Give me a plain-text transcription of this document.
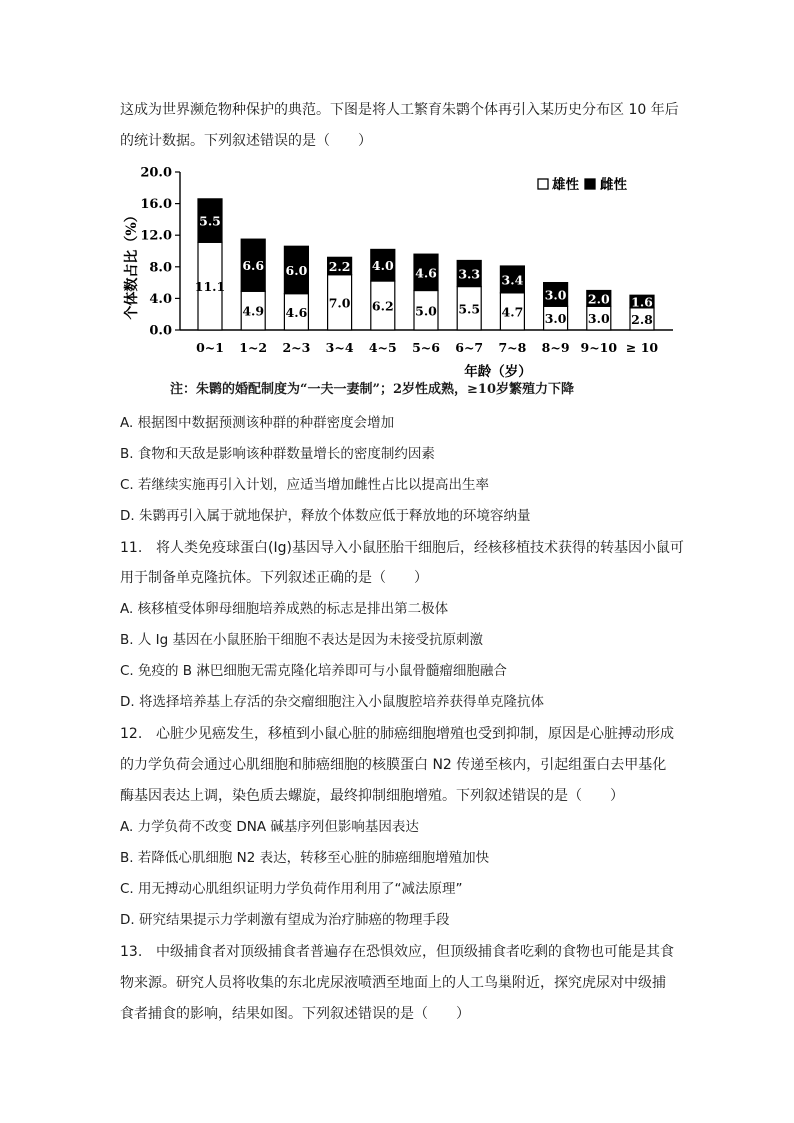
这成为世界濒危物种保护的典范。下图是将人工繁育朱鹮个体再引入某历史分布区 10 年后
的统计数据。下列叙述错误的是（　　）
0.0
4.0
8.0
12.0
16.0
20.0
个体数占比（%）	11.1
5.5
0~1
4.9
6.6
1~2
4.6
6.0
2~3
7.0
2.2
3~4
6.2
4.0
4~5
5.0
4.6
5~6
5.5
3.3
6~7
4.7
3.4
7~8
3.0
3.0
8~9
3.0
2.0
9~10
2.8
1.6
≥ 10
年龄（岁）
雄性 雌性
注：朱鹮的婚配制度为“一夫一妻制”；2岁性成熟，≥10岁繁殖力下降
A. 根据图中数据预测该种群的种群密度会增加
B. 食物和天敌是影响该种群数量增长的密度制约因素
C. 若继续实施再引入计划，应适当增加雌性占比以提高出生率
D. 朱鹮再引入属于就地保护，释放个体数应低于释放地的环境容纳量
11. 将人类免疫球蛋白(Ig)基因导入小鼠胚胎干细胞后，经核移植技术获得的转基因小鼠可
用于制备单克隆抗体。下列叙述正确的是（　　）
A. 核移植受体卵母细胞培养成熟的标志是排出第二极体
B. 人 Ig 基因在小鼠胚胎干细胞不表达是因为未接受抗原刺激
C. 免疫的 B 淋巴细胞无需克隆化培养即可与小鼠骨髓瘤细胞融合
D. 将选择培养基上存活的杂交瘤细胞注入小鼠腹腔培养获得单克隆抗体
12. 心脏少见癌发生，移植到小鼠心脏的肺癌细胞增殖也受到抑制，原因是心脏搏动形成
的力学负荷会通过心肌细胞和肺癌细胞的核膜蛋白 N2 传递至核内，引起组蛋白去甲基化
酶基因表达上调，染色质去螺旋，最终抑制细胞增殖。下列叙述错误的是（　　）
A. 力学负荷不改变 DNA 碱基序列但影响基因表达
B. 若降低心肌细胞 N2 表达，转移至心脏的肺癌细胞增殖加快
C. 用无搏动心肌组织证明力学负荷作用利用了“减法原理”
D. 研究结果提示力学刺激有望成为治疗肺癌的物理手段
13. 中级捕食者对顶级捕食者普遍存在恐惧效应，但顶级捕食者吃剩的食物也可能是其食
物来源。研究人员将收集的东北虎尿液喷洒至地面上的人工鸟巢附近，探究虎尿对中级捕
食者捕食的影响，结果如图。下列叙述错误的是（　　）
